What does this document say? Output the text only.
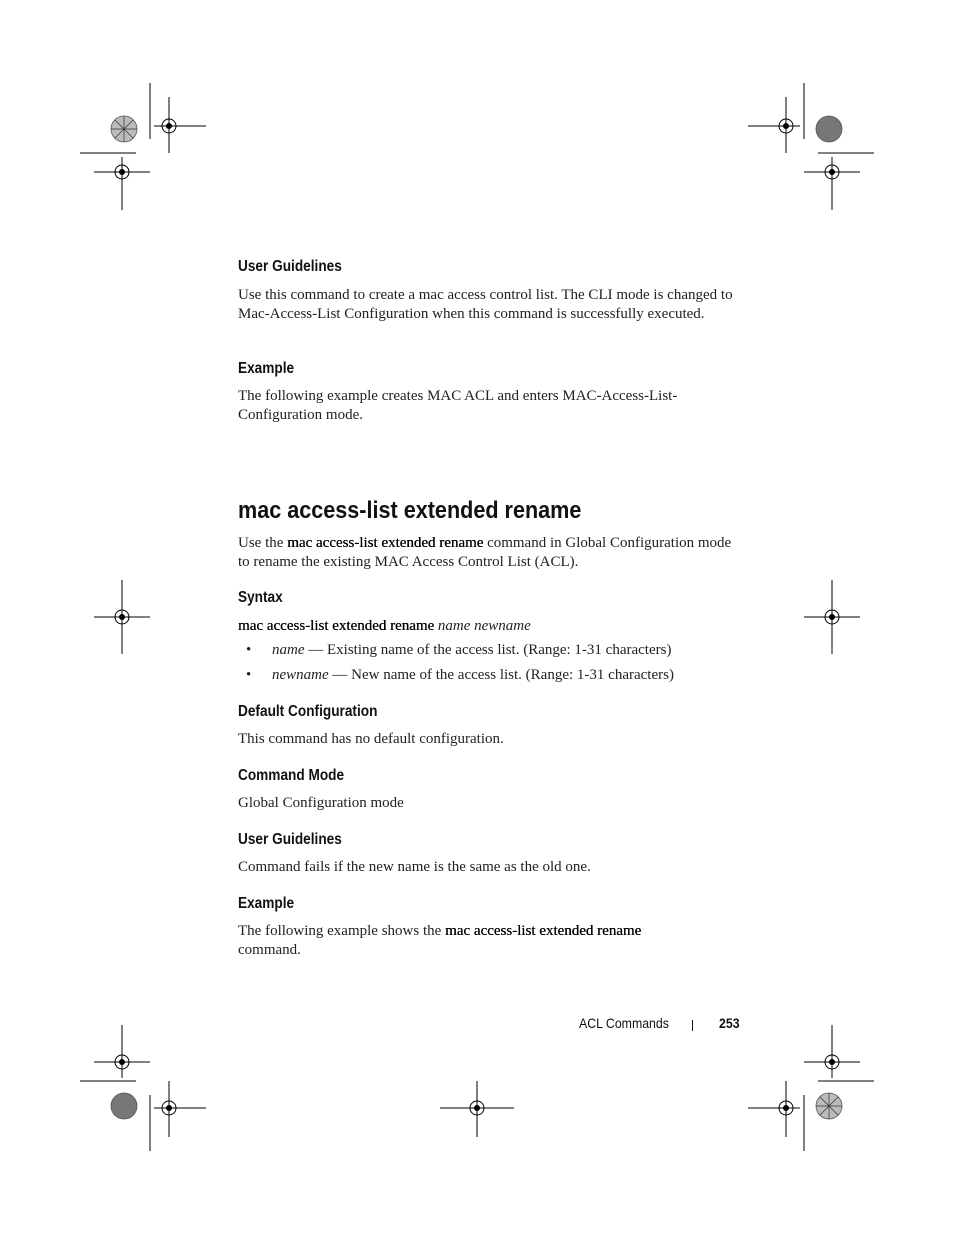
User Guidelines

Use this command to create a mac access control list. The CLI mode is changed to Mac-Access-List Configuration when this command is successfully executed.

Example

The following example creates MAC ACL and enters MAC-Access-List-Configuration mode.

mac access-list extended rename

Use the mac access-list extended rename command in Global Configuration mode to rename the existing MAC Access Control List (ACL).

Syntax

mac access-list extended rename name newname

• name — Existing name of the access list. (Range: 1-31 characters)
• newname — New name of the access list. (Range: 1-31 characters)
Default Configuration

This command has no default configuration.

Command Mode

Global Configuration mode

User Guidelines

Command fails if the new name is the same as the old one.

Example

The following example shows the mac access-list extended rename command.

ACL Commands	253
